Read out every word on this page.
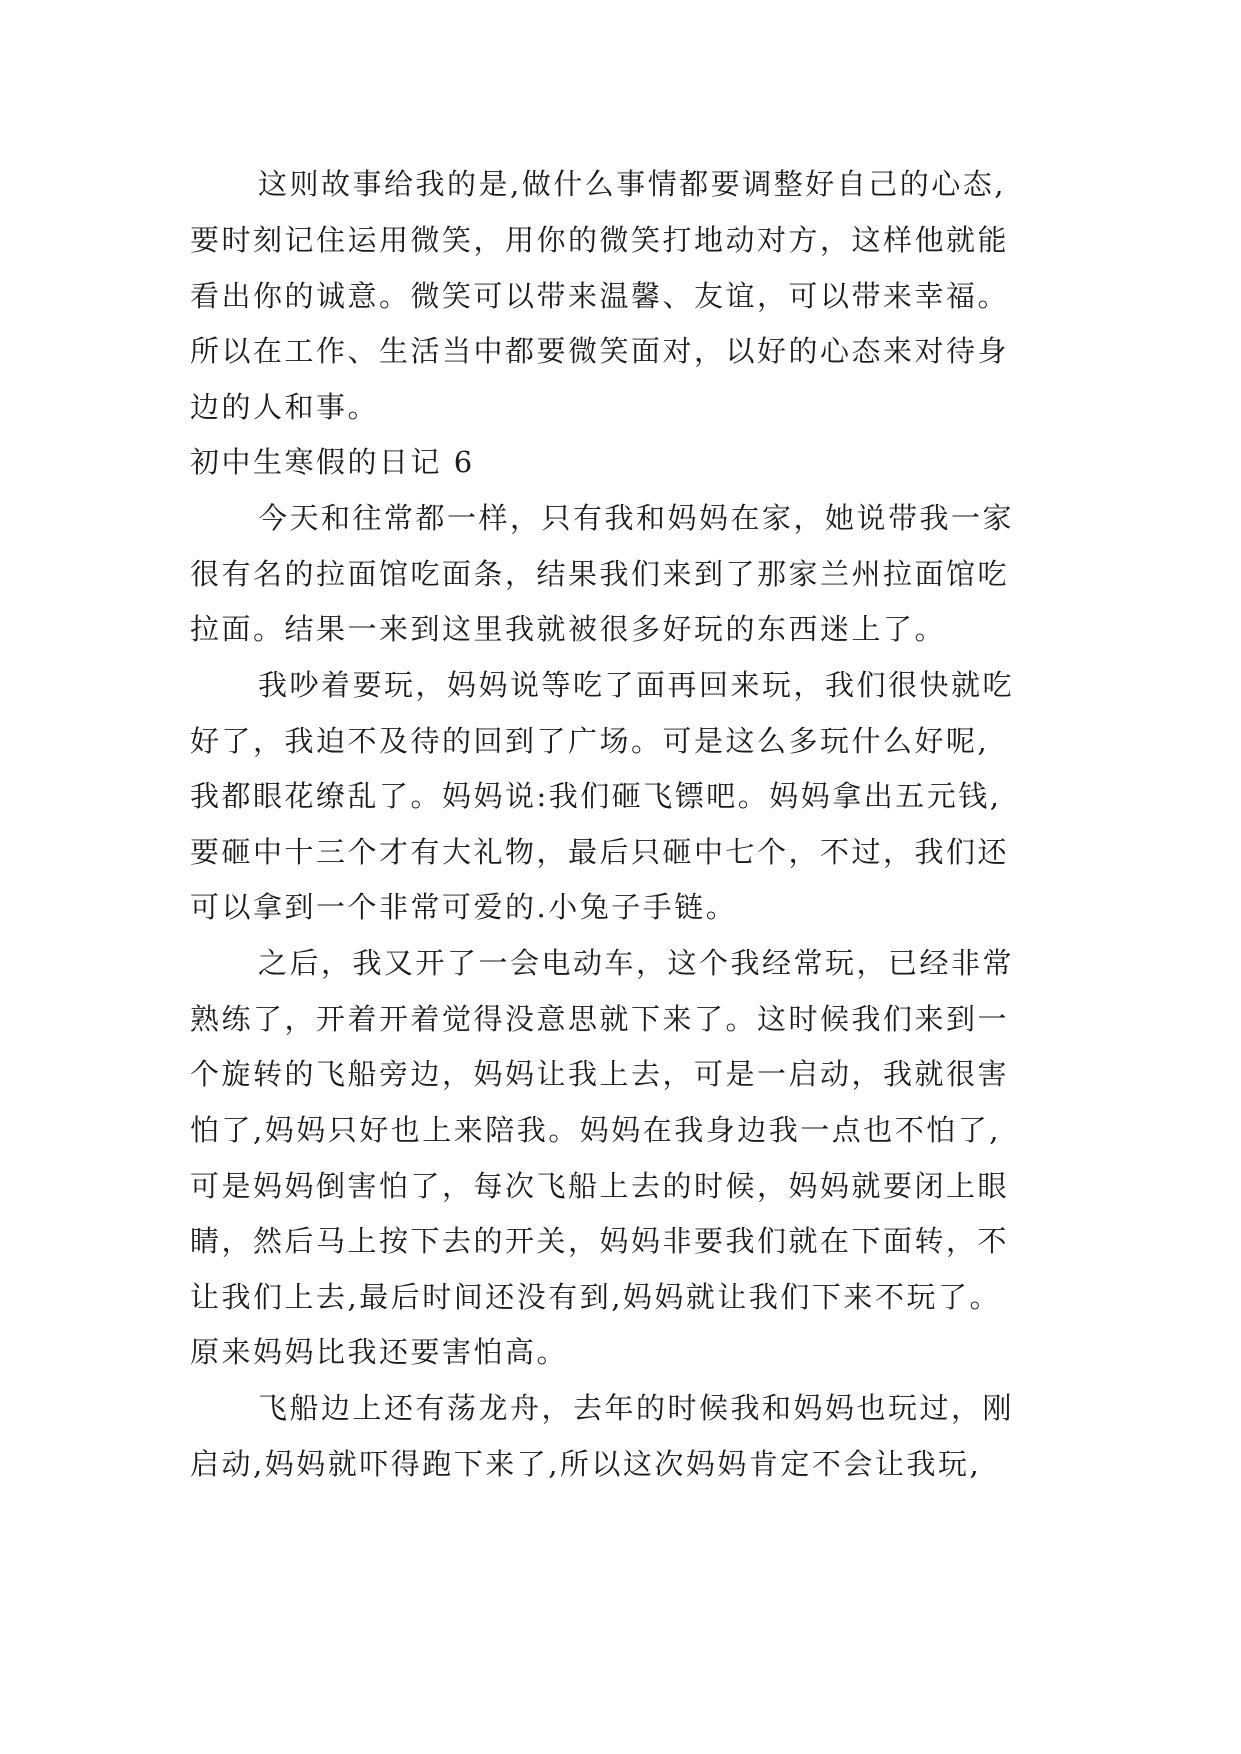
这则故事给我的是,做什么事情都要调整好自己的心态,
要时刻记住运用微笑，用你的微笑打地动对方，这样他就能
看出你的诚意。微笑可以带来温馨、友谊，可以带来幸福。
所以在工作、生活当中都要微笑面对，以好的心态来对待身
边的人和事。
初中生寒假的日记 6
今天和往常都一样，只有我和妈妈在家，她说带我一家
很有名的拉面馆吃面条，结果我们来到了那家兰州拉面馆吃
拉面。结果一来到这里我就被很多好玩的东西迷上了。
我吵着要玩，妈妈说等吃了面再回来玩，我们很快就吃
好了，我迫不及待的回到了广场。可是这么多玩什么好呢,
我都眼花缭乱了。妈妈说:我们砸飞镖吧。妈妈拿出五元钱,
要砸中十三个才有大礼物，最后只砸中七个，不过，我们还
可以拿到一个非常可爱的.小兔子手链。
之后，我又开了一会电动车，这个我经常玩，已经非常
熟练了，开着开着觉得没意思就下来了。这时候我们来到一
个旋转的飞船旁边，妈妈让我上去，可是一启动，我就很害
怕了,妈妈只好也上来陪我。妈妈在我身边我一点也不怕了,
可是妈妈倒害怕了，每次飞船上去的时候，妈妈就要闭上眼
睛，然后马上按下去的开关，妈妈非要我们就在下面转，不
让我们上去,最后时间还没有到,妈妈就让我们下来不玩了。
原来妈妈比我还要害怕高。
飞船边上还有荡龙舟，去年的时候我和妈妈也玩过，刚
启动,妈妈就吓得跑下来了,所以这次妈妈肯定不会让我玩,
